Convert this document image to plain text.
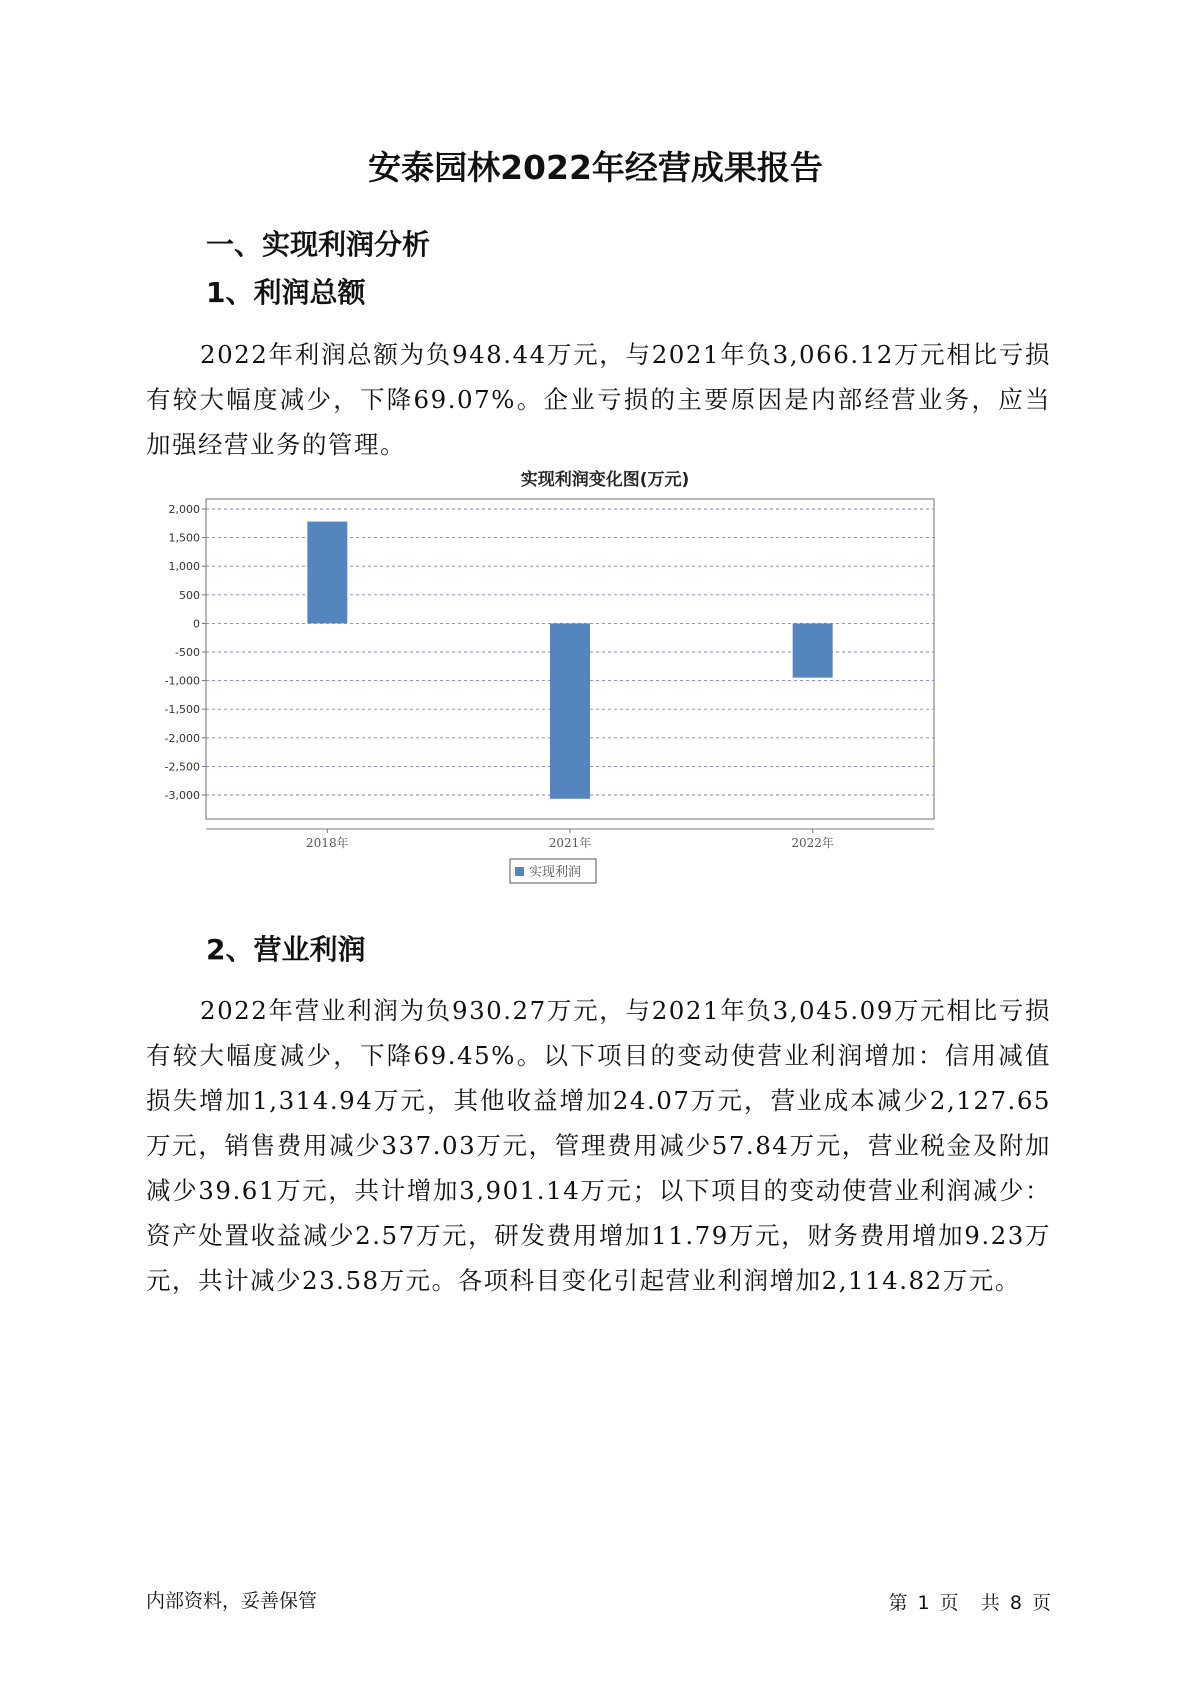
安泰园林2022年经营成果报告
一、实现利润分析
1、利润总额

2022年利润总额为负948.44万元，与2021年负3,066.12万元相比亏损有较大幅度减少，下降69.07%。企业亏损的主要原因是内部经营业务，应当加强经营业务的管理。

实现利润变化图(万元)
2,000
1,500
1,000
500
0
-500
-1,000
-1,500
-2,000
-2,500
-3,000
2018年	2021年	2022年
实现利润
2、营业利润

2022年营业利润为负930.27万元，与2021年负3,045.09万元相比亏损有较大幅度减少，下降69.45%。以下项目的变动使营业利润增加：信用减值损失增加1,314.94万元，其他收益增加24.07万元，营业成本减少2,127.65万元，销售费用减少337.03万元，管理费用减少57.84万元，营业税金及附加减少39.61万元，共计增加3,901.14万元；以下项目的变动使营业利润减少：资产处置收益减少2.57万元，研发费用增加11.79万元，财务费用增加9.23万元，共计减少23.58万元。各项科目变化引起营业利润增加2,114.82万元。

内部资料，妥善保管	第 1 页 共 8 页
